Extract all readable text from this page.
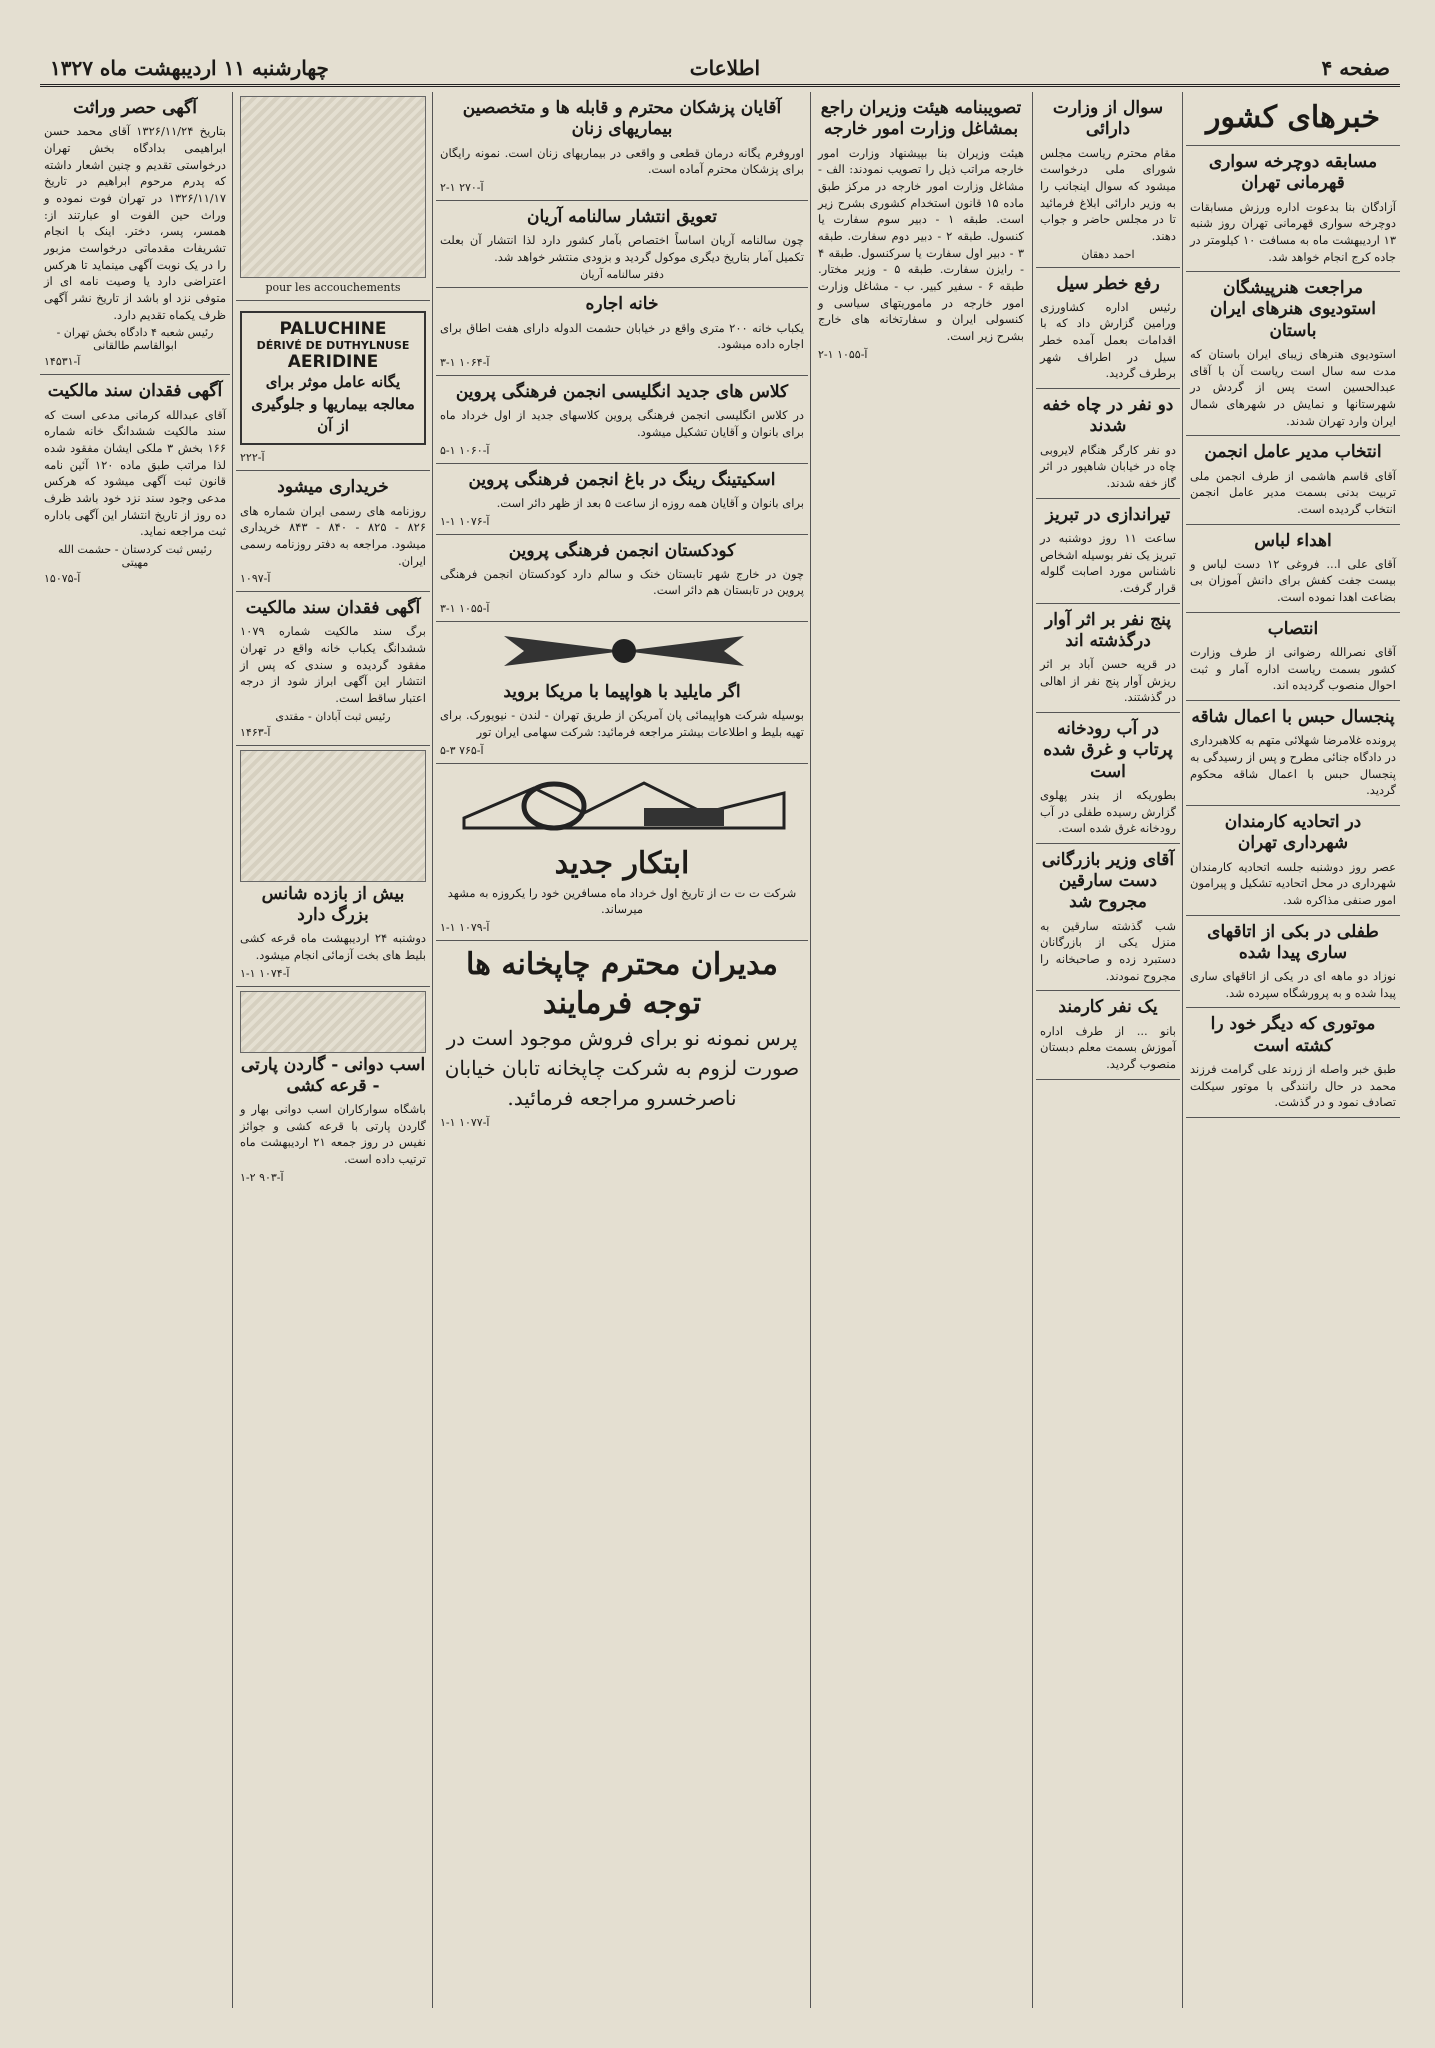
صفحه ۴
اطلاعات
چهارشنبه ۱۱ اردیبهشت ماه ۱۳۲۷
خبرهای کشور
مسابقه دوچرخه سواری قهرمانی تهران

آزادگان بنا بدعوت اداره ورزش مسابقات دوچرخه سواری قهرمانی تهران روز شنبه ۱۳ اردیبهشت ماه به مسافت ۱۰ کیلومتر در جاده کرج انجام خواهد شد.

مراجعت هنرپیشگان استودیوی هنرهای ایران باستان

استودیوی هنرهای زیبای ایران باستان که مدت سه سال است ریاست آن با آقای عبدالحسین است پس از گردش در شهرستانها و نمایش در شهرهای شمال ایران وارد تهران شدند.

انتخاب مدیر عامل انجمن

آقای قاسم هاشمی از طرف انجمن ملی تربیت بدنی بسمت مدیر عامل انجمن انتخاب گردیده است.

اهداء لباس

آقای علی ا... فروغی ۱۲ دست لباس و بیست جفت کفش برای دانش آموزان بی بضاعت اهدا نموده است.

انتصاب

آقای نصرالله رضوانی از طرف وزارت کشور بسمت ریاست اداره آمار و ثبت احوال منصوب گردیده اند.

پنجسال حبس با اعمال شاقه

پرونده غلامرضا شهلائی متهم به کلاهبرداری در دادگاه جنائی مطرح و پس از رسیدگی به پنجسال حبس با اعمال شاقه محکوم گردید.

در اتحادیه کارمندان شهرداری تهران

عصر روز دوشنبه جلسه اتحادیه کارمندان شهرداری در محل اتحادیه تشکیل و پیرامون امور صنفی مذاکره شد.

طفلی در بکی از اتاقهای ساری پیدا شده

نوزاد دو ماهه ای در یکی از اتاقهای ساری پیدا شده و به پرورشگاه سپرده شد.

موتوری که دیگر خود را کشته است

طبق خبر واصله از زرند علی گرامت فرزند محمد در حال رانندگی با موتور سیکلت تصادف نمود و در گذشت.

سوال از وزارت دارائی

مقام محترم ریاست مجلس شورای ملی درخواست میشود که سوال اینجانب را به وزیر دارائی ابلاغ فرمائید تا در مجلس حاضر و جواب دهند.

احمد دهقان
رفع خطر سیل

رئیس اداره کشاورزی ورامین گزارش داد که با اقدامات بعمل آمده خطر سیل در اطراف شهر برطرف گردید.

دو نفر در چاه خفه شدند

دو نفر کارگر هنگام لایروبی چاه در خیابان شاهپور در اثر گاز خفه شدند.

تیراندازی در تبریز

ساعت ۱۱ روز دوشنبه در تبریز یک نفر بوسیله اشخاص ناشناس مورد اصابت گلوله قرار گرفت.

پنج نفر بر اثر آوار درگذشته اند

در قریه حسن آباد بر اثر ریزش آوار پنج نفر از اهالی در گذشتند.

در آب رودخانه پرتاب و غرق شده است

بطوریکه از بندر پهلوی گزارش رسیده طفلی در آب رودخانه غرق شده است.

آقای وزیر بازرگانی دست سارقین مجروح شد

شب گذشته سارقین به منزل یکی از بازرگانان دستبرد زده و صاحبخانه را مجروح نمودند.

یک نفر کارمند

بانو ... از طرف اداره آموزش بسمت معلم دبستان منصوب گردید.

تصویبنامه هیئت وزیران راجع بمشاغل وزارت امور خارجه

هیئت وزیران بنا بپیشنهاد وزارت امور خارجه مراتب ذیل را تصویب نمودند: الف - مشاغل وزارت امور خارجه در مرکز طبق ماده ۱۵ قانون استخدام کشوری بشرح زیر است. طبقه ۱ - دبیر سوم سفارت یا کنسول. طبقه ۲ - دبیر دوم سفارت. طبقه ۳ - دبیر اول سفارت یا سرکنسول. طبقه ۴ - رایزن سفارت. طبقه ۵ - وزیر مختار. طبقه ۶ - سفیر کبیر. ب - مشاغل وزارت امور خارجه در ماموریتهای سیاسی و کنسولی ایران و سفارتخانه های خارج بشرح زیر است.

آ-۱۰۵۵ ۱-۲
آقایان پزشکان محترم و قابله ها و متخصصین بیماریهای زنان

اوروفرم یگانه درمان قطعی و واقعی در بیماریهای زنان است. نمونه رایگان برای پزشکان محترم آماده است.

آ-۲۷۰ ۱-۲
تعویق انتشار سالنامه آریان

چون سالنامه آریان اساساً اختصاص بآمار کشور دارد لذا انتشار آن بعلت تکمیل آمار بتاریخ دیگری موکول گردید و بزودی منتشر خواهد شد.

دفتر سالنامه آریان
خانه اجاره

یکباب خانه ۲۰۰ متری واقع در خیابان حشمت الدوله دارای هفت اطاق برای اجاره داده میشود.

آ-۱۰۶۴ ۱-۳
کلاس های جدید انگلیسی انجمن فرهنگی پروین

در کلاس انگلیسی انجمن فرهنگی پروین کلاسهای جدید از اول خرداد ماه برای بانوان و آقایان تشکیل میشود.

آ-۱۰۶۰ ۱-۵
اسکیتینگ رینگ در باغ انجمن فرهنگی پروین

برای بانوان و آقایان همه روزه از ساعت ۵ بعد از ظهر دائر است.

آ-۱۰۷۶ ۱-۱
کودکستان انجمن فرهنگی پروین

چون در خارج شهر تابستان خنک و سالم دارد کودکستان انجمن فرهنگی پروین در تابستان هم دائر است.

آ-۱۰۵۵ ۱-۳
اگر مایلید با هواپیما با مریکا بروید

بوسیله شرکت هواپیمائی پان آمریکن از طریق تهران - لندن - نیویورک. برای تهیه بلیط و اطلاعات بیشتر مراجعه فرمائید: شرکت سهامی ایران تور

آ-۷۶۵ ۳-۵
ابتکار جدید

شرکت ت ت ت از تاریخ اول خرداد ماه مسافرین خود را یکروزه به مشهد میرساند.

آ-۱۰۷۹ ۱-۱
مدیران محترم چاپخانه ها توجه فرمایند

پرس نمونه نو برای فروش موجود است در صورت لزوم به شرکت چاپخانه تابان خیابان ناصرخسرو مراجعه فرمائید.

آ-۱۰۷۷ ۱-۱
pour les accouchements
PALUCHINE
DÉRIVÉ DE DUTHYLNUSE
AERIDINE

یگانه عامل موثر برای معالجه بیماریها و جلوگیری از آن

آ-۲۲۲
خریداری میشود

روزنامه های رسمی ایران شماره های ۸۲۶ - ۸۲۵ - ۸۴۰ - ۸۴۳ خریداری میشود. مراجعه به دفتر روزنامه رسمی ایران.

آ-۱۰۹۷
آگهی فقدان سند مالکیت

برگ سند مالکیت شماره ۱۰۷۹ ششدانگ یکباب خانه واقع در تهران مفقود گردیده و سندی که پس از انتشار این آگهی ابراز شود از درجه اعتبار ساقط است.

رئیس ثبت آبادان - مقتدی
آ-۱۴۶۳
بیش از بازده شانس بزرگ دارد

دوشنبه ۲۴ اردیبهشت ماه قرعه کشی بلیط های بخت آزمائی انجام میشود.

آ-۱۰۷۴ ۱-۱
اسب دوانی - گاردن پارتی - قرعه کشی

باشگاه سوارکاران اسب دوانی بهار و گاردن پارتی با قرعه کشی و جوائز نفیس در روز جمعه ۲۱ اردیبهشت ماه ترتیب داده است.

آ-۹۰۳ ۲-۱
آگهی حصر وراثت

بتاریخ ۱۳۲۶/۱۱/۲۴ آقای محمد حسن ابراهیمی بدادگاه بخش تهران درخواستی تقدیم و چنین اشعار داشته که پدرم مرحوم ابراهیم در تاریخ ۱۳۲۶/۱۱/۱۷ در تهران فوت نموده و وراث حین الفوت او عبارتند از: همسر، پسر، دختر. اینک با انجام تشریفات مقدماتی درخواست مزبور را در یک نوبت آگهی مینماید تا هرکس اعتراضی دارد یا وصیت نامه ای از متوفی نزد او باشد از تاریخ نشر آگهی ظرف یکماه تقدیم دارد.

رئیس شعبه ۴ دادگاه بخش تهران - ابوالقاسم طالقانی
آ-۱۴۵۳۱
آگهی فقدان سند مالکیت

آقای عبدالله کرمانی مدعی است که سند مالکیت ششدانگ خانه شماره ۱۶۶ بخش ۳ ملکی ایشان مفقود شده لذا مراتب طبق ماده ۱۲۰ آئین نامه قانون ثبت آگهی میشود که هرکس مدعی وجود سند نزد خود باشد ظرف ده روز از تاریخ انتشار این آگهی باداره ثبت مراجعه نماید.

رئیس ثبت کردستان - حشمت الله مهیتی
آ-۱۵۰۷۵
